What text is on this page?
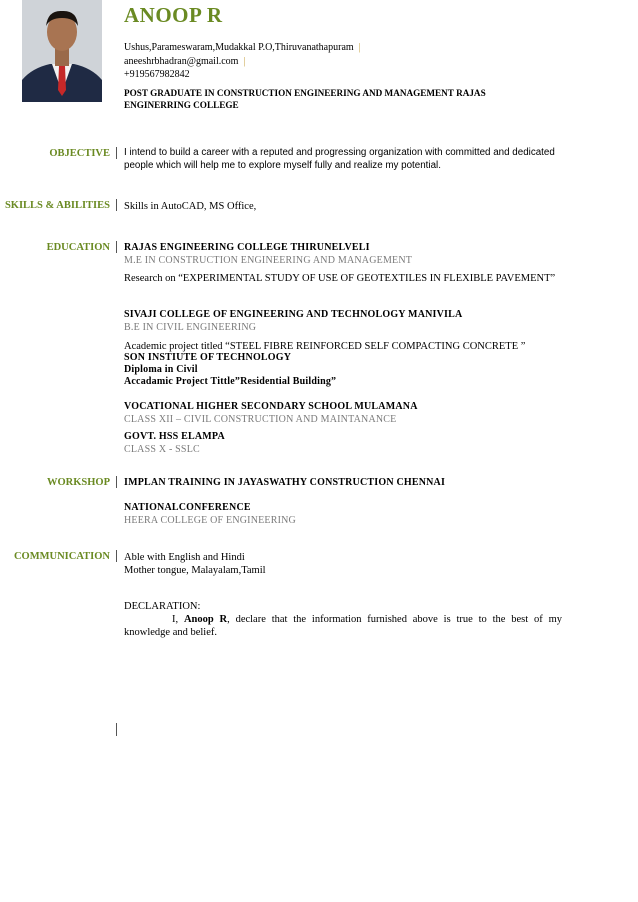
ANOOP R
Ushus,Parameswaram,Mudakkal P.O,Thiruvanathapuram |
aneeshrbhadran@gmail.com |
+919567982842
POST GRADUATE IN CONSTRUCTION ENGINEERING AND MANAGEMENT RAJAS
ENGINERRING COLLEGE
OBJECTIVE I intend to build a career with a reputed and progressing organization with committed and dedicated people which will help me to explore myself fully and realize my potential.
SKILLS & ABILITIES Skills in AutoCAD, MS Office,
EDUCATION RAJAS ENGINEERING COLLEGE THIRUNELVELI
M.E IN CONSTRUCTION ENGINEERING AND MANAGEMENT
Research on “EXPERIMENTAL STUDY OF USE OF GEOTEXTILES IN FLEXIBLE PAVEMENT”
SIVAJI COLLEGE OF ENGINEERING AND TECHNOLOGY MANIVILA
B.E IN CIVIL ENGINEERING
Academic project titled “STEEL FIBRE REINFORCED SELF COMPACTING CONCRETE ”
SON INSTIUTE OF TECHNOLOGY
Diploma in Civil
Accadamic Project Tittle”Residential Building”
VOCATIONAL HIGHER SECONDARY SCHOOL MULAMANA
CLASS XII – CIVIL CONSTRUCTION AND MAINTANANCE
GOVT. HSS ELAMPA
CLASS X - SSLC
WORKSHOP IMPLAN TRAINING IN JAYASWATHY CONSTRUCTION CHENNAI
NATIONALCONFERENCE
HEERA COLLEGE OF ENGINEERING
COMMUNICATION Able with English and Hindi
Mother tongue, Malayalam,Tamil
DECLARATION:
I, Anoop R, declare that the information furnished above is true to the best of my knowledge and belief.
